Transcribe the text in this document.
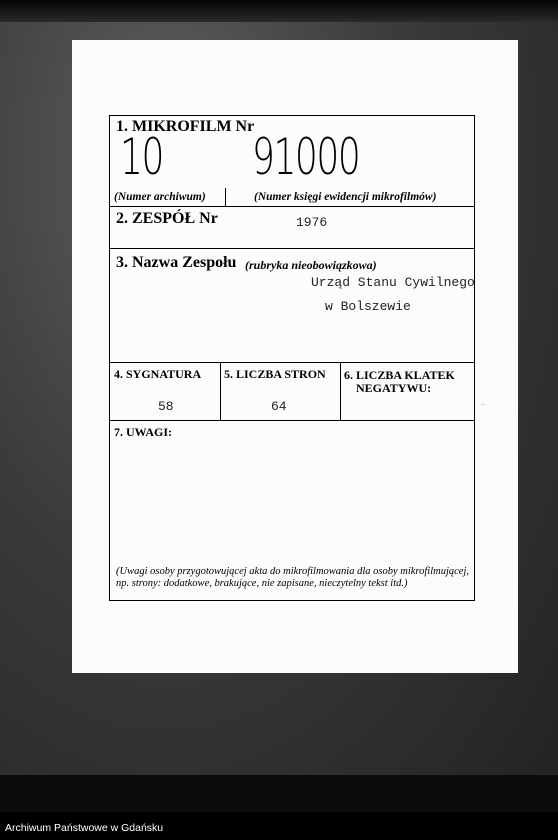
1. MIKROFILM Nr
10 91000
(Numer archiwum)	(Numer księgi ewidencji mikrofilmów)
2. ZESPÓŁ Nr	1976
3. Nazwa Zespołu (rubryka nieobowiązkowa)
Urząd Stanu Cywilnego
w Bolszewie
4. SYGNATURA
58
5. LICZBA STRON
64
6. LICZBA KLATEK
NEGATYWU:
7. UWAGI:
(Uwagi osoby przygotowującej akta do mikrofilmowania dla osoby mikrofilmującej,
np. strony: dodatkowe, brakujące, nie zapisane, nieczytelny tekst itd.)
Archiwum Państwowe w Gdańsku
